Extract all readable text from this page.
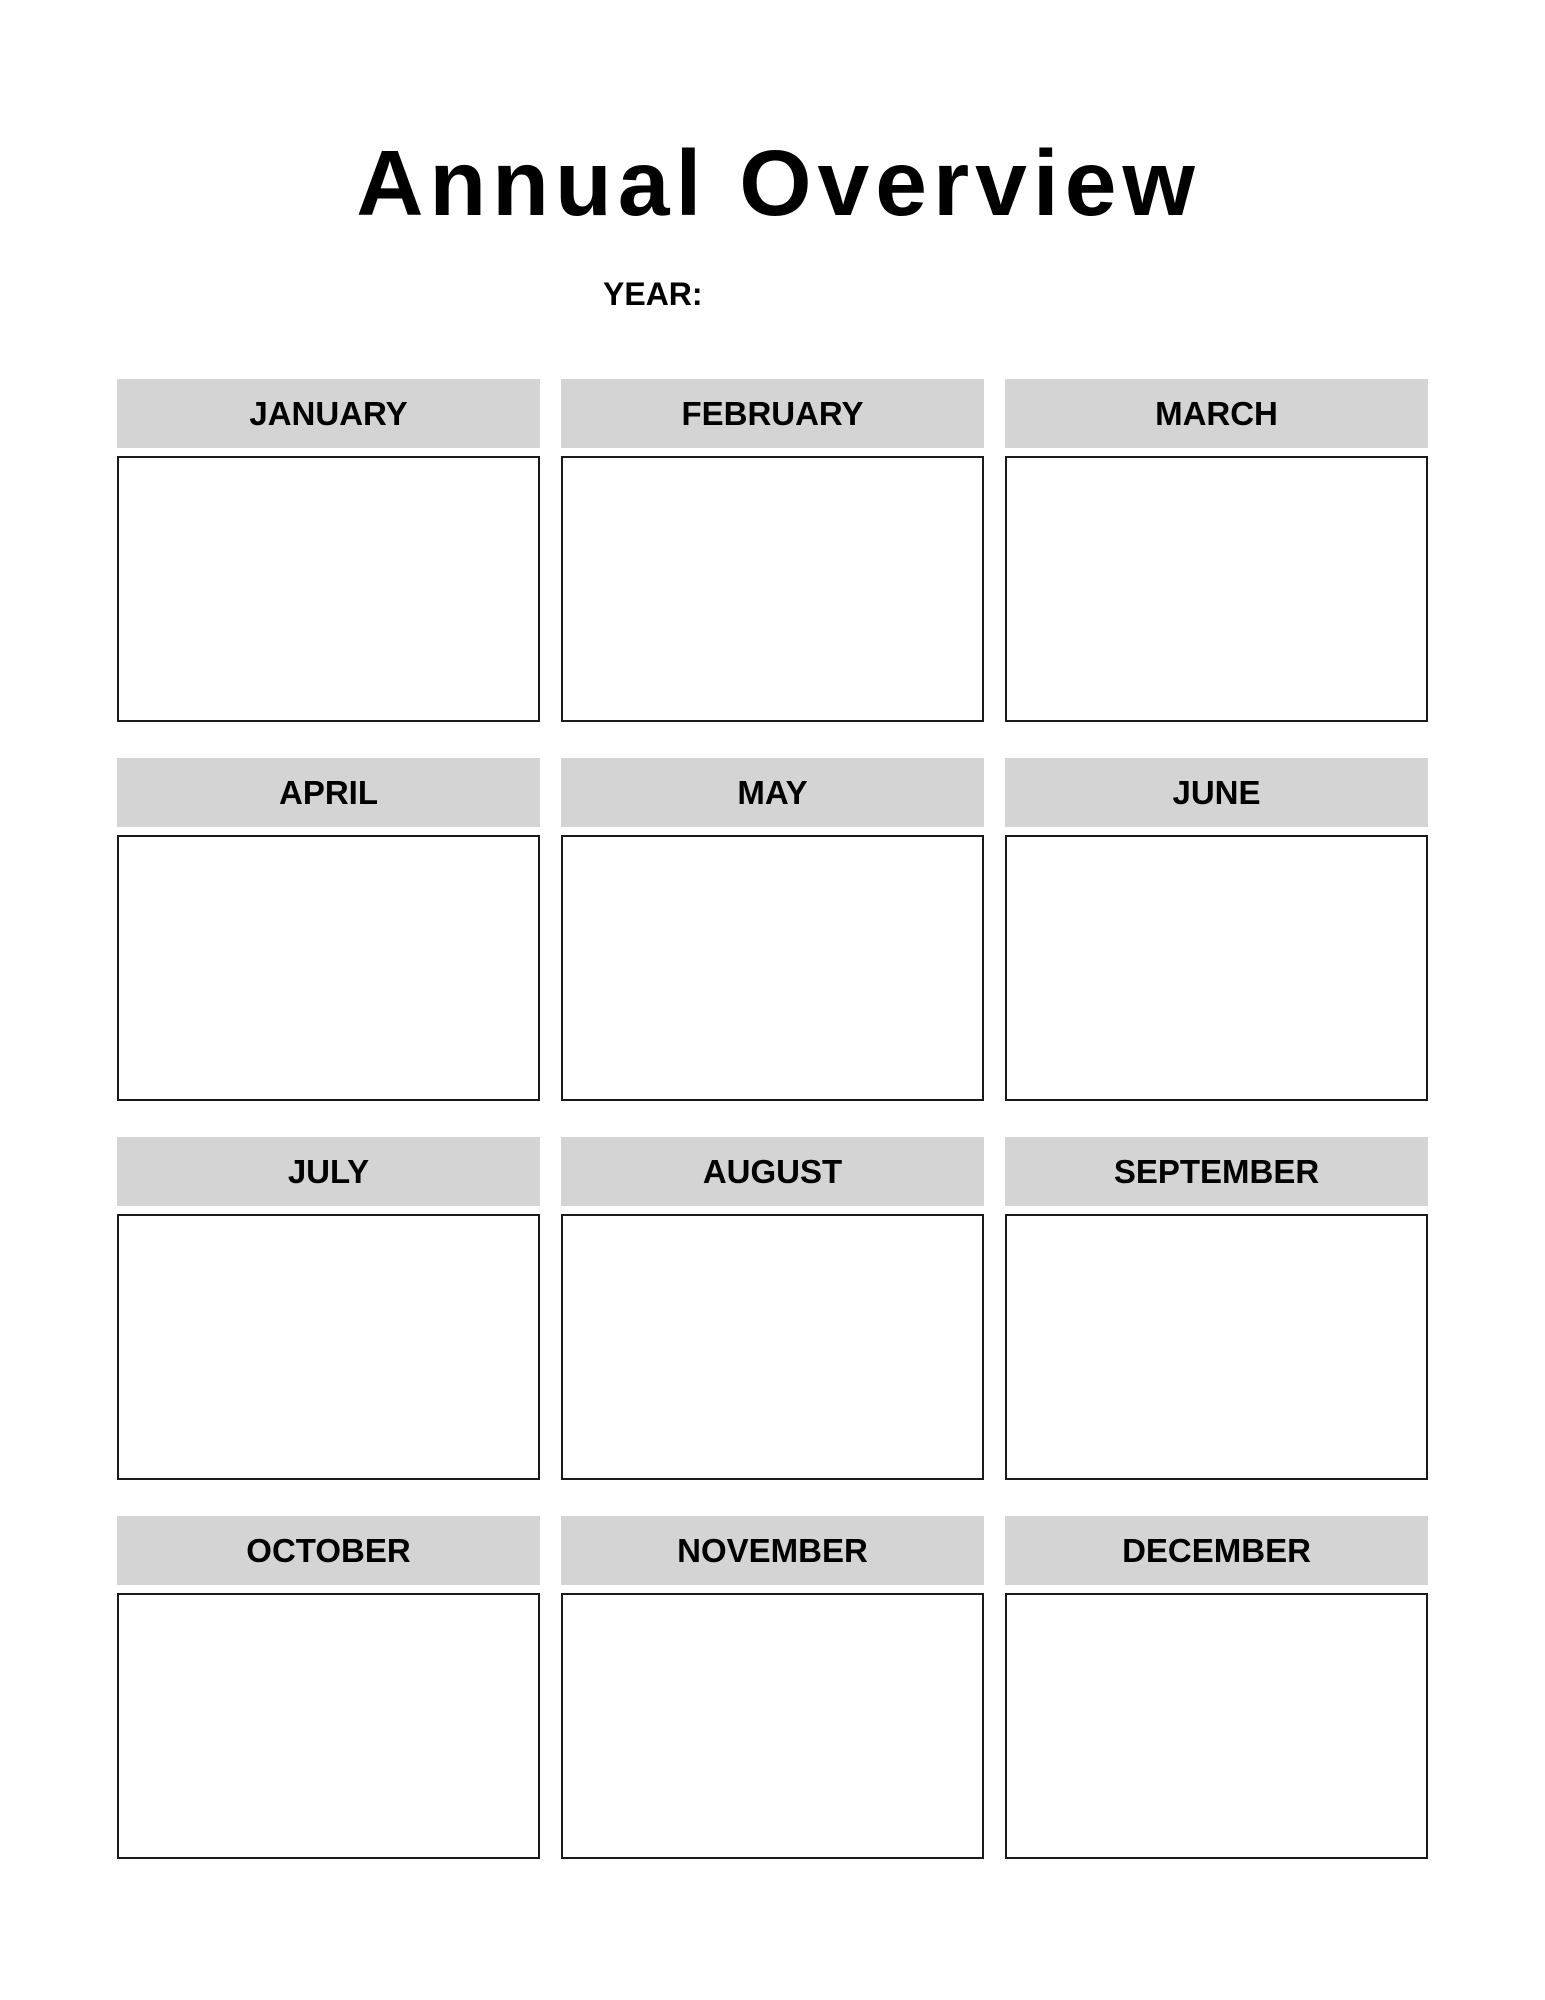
Annual Overview
YEAR:
JANUARY	FEBRUARY	MARCH
APRIL	MAY	JUNE
JULY	AUGUST	SEPTEMBER
OCTOBER	NOVEMBER	DECEMBER
